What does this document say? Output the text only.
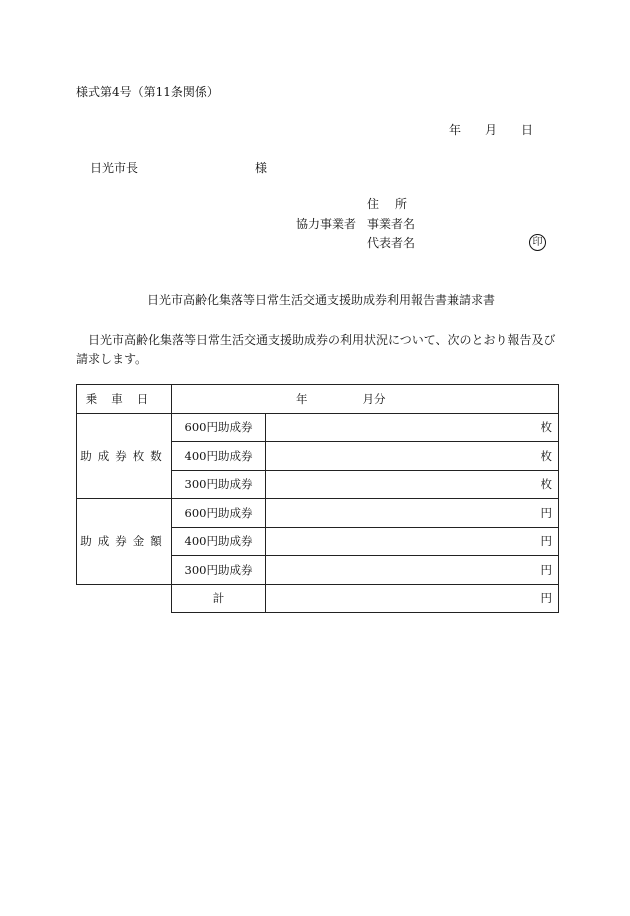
様式第4号（第11条関係）
年 月 日
日光市長	様
住所
協力事業者 事業者名
代表者名	印
日光市高齢化集落等日常生活交通支援助成券利用報告書兼請求書
日光市高齢化集落等日常生活交通支援助成券の利用状況について、次のとおり報告及び請求します。
乗車日	年 月分	
助成券枚数	600円助成券	枚
	400円助成券	枚
	300円助成券	枚
助成券金額	600円助成券	円
	400円助成券	円
	300円助成券	円
	計	円
